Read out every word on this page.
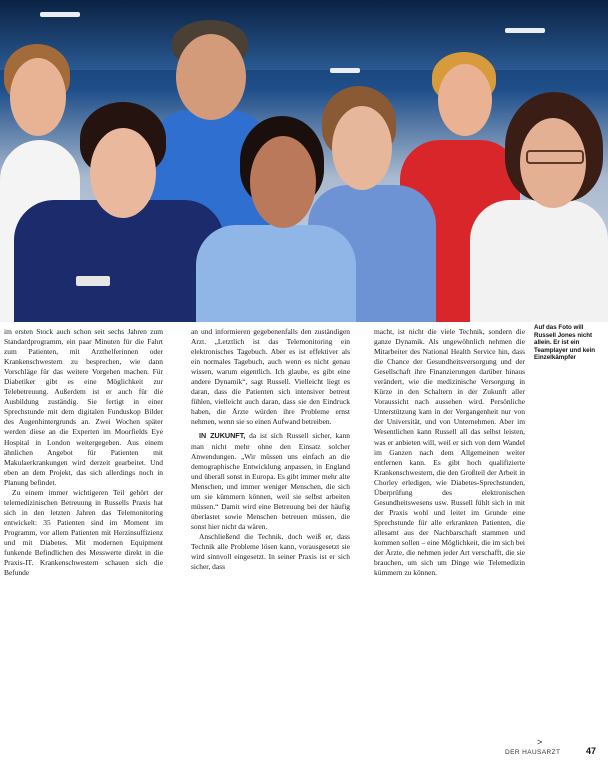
Auf das Foto will Russell Jones nicht allein. Er ist ein Teamplayer und kein Einzelkämpfer

im ersten Stock auch schon seit sechs Jahren zum Standardprogramm, ein paar Minuten für die Fahrt zum Patienten, mit Arzthelferinnen oder Krankenschwestern zu besprechen, wie dann Vorschläge für das weitere Vorgehen machen. Für Diabetiker gibt es eine Möglichkeit zur Telebetreuung. Außerdem ist er auch für die Ausbildung zuständig. Sie fertigt in einer Sprechstunde mit dem digitalen Funduskop Bilder des Augenhintergrunds an. Zwei Wochen später werden diese an die Experten im Moorfields Eye Hospital in London weitergegeben. Aus einem ähnlichen Angebot für Patienten mit Makulaerkrankungen wird derzeit gearbeitet. Und eben an dem Projekt, das sich allerdings noch in Planung befindet.

Zu einem immer wichtigeren Teil gehört der telemedizinischen Betreuung in Russells Praxis hat sich in den letzten Jahren das Telemonitoring entwickelt: 35 Patienten sind im Moment im Programm, vor allem Patienten mit Herzinsuffizienz und mit Diabetes. Mit modernen Equipment funkende Befindlichen des Messwerte direkt in die Praxis-IT. Krankenschwestern schauen sich die Befunde

an und informieren gegebenenfalls den zuständigen Arzt. „Letztlich ist das Telemonitoring ein elektronisches Tagebuch. Aber es ist effektiver als ein normales Tagebuch, auch wenn es nicht genau wissen, warum eigentlich. Ich glaube, es gibt eine andere Dynamik“, sagt Russell. Vielleicht liegt es daran, dass die Patienten sich intensiver betreut fühlen, vielleicht auch daran, dass sie den Eindruck haben, die Ärzte würden ihre Probleme ernst nehmen, wenn sie so einen Aufwand betreiben.

IN ZUKUNFT, da ist sich Russell sicher, kann man nicht mehr ohne den Einsatz solcher Anwendungen. „Wir müssen uns einfach an die demographische Entwicklung anpassen, in England und überall sonst in Europa. Es gibt immer mehr alte Menschen, und immer weniger Menschen, die sich um sie kümmern können, weil sie selbst arbeiten müssen.“ Damit wird eine Betreuung bei der häufig überlastet sowie Menschen betreuen müssen, die sonst hier nicht da wären.

Anschließend die Technik, doch weiß er, dass Technik alle Probleme lösen kann, vorausgesetzt sie wird sinnvoll eingesetzt. In seiner Praxis ist er sich sicher, dass

macht, ist nicht die viele Technik, sondern die ganze Dynamik. Als ungewöhnlich nehmen die Mitarbeiter des National Health Service hin, dass die Chance der Gesundheitsversorgung und der Gesellschaft ihre Finanzierungen darüber hinaus verändert, wie die medizinische Versorgung in Kürze in den Schaltern in der Zukunft aller Voraussicht nach aussehen wird. Persönliche Unterstützung kam in der Vergangenheit nur von der Universität, und von Unternehmen. Aber im Wesentlichen kann Russell all das selbst leisten, was er anbieten will, weil er sich von dem Wandel im Ganzen nach dem Allgemeinen weiter entfernen kann. Es gibt hoch qualifizierte Krankenschwestern, die den Großteil der Arbeit in Chorley erledigen, wie Diabetes-Sprechstunden, Überprüfung des elektronischen Gesundheitswesens usw. Russell fühlt sich in mit der Praxis wohl und leitet im Grunde eine Sprechstunde für alle erkrankten Patienten, die allesamt aus der Nachbarschaft stammen und kommen sollen – eine Möglichkeit, die im sich bei der Ärzte, die nehmen jeder Art verschafft, die sie brauchen, um sich um Dinge wie Telemedizin kümmern zu können.

>
DER HAUSARZT	47
